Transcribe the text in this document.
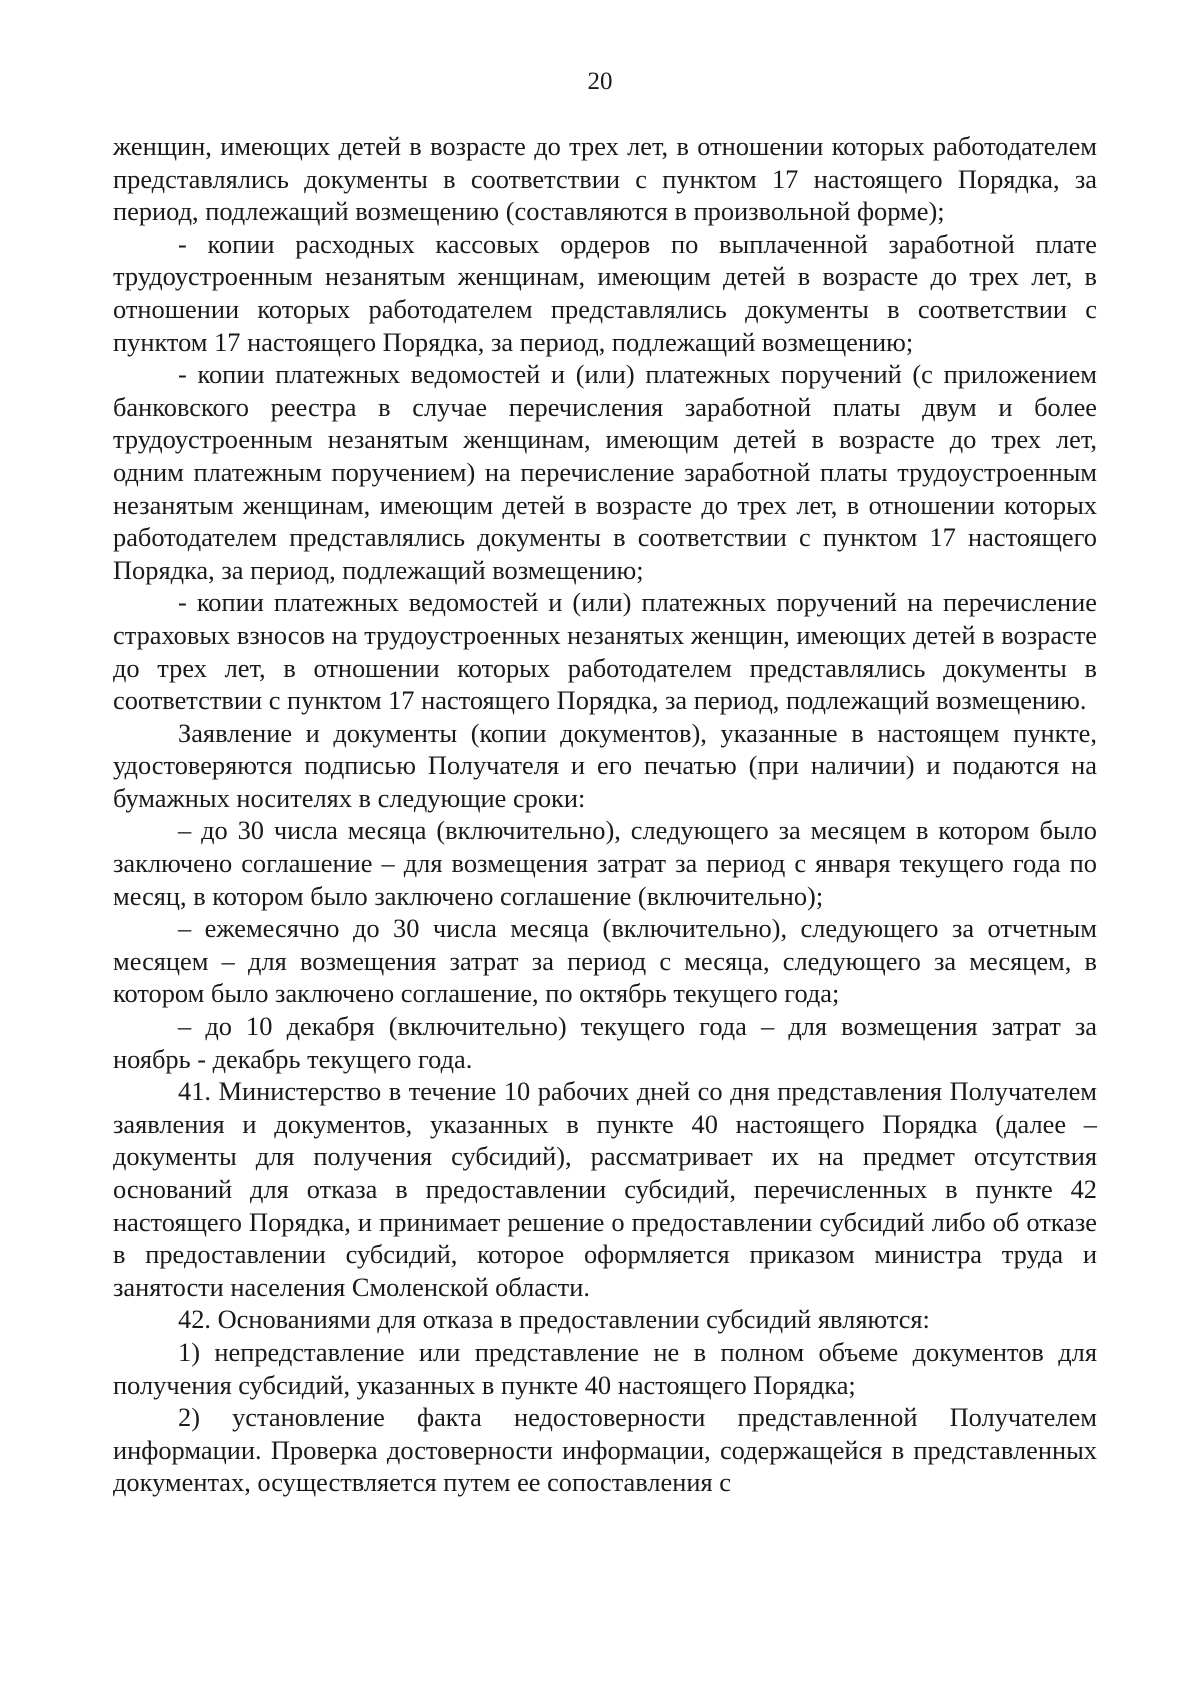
20

женщин, имеющих детей в возрасте до трех лет, в отношении которых работодателем представлялись документы в соответствии с пунктом 17 настоящего Порядка, за период, подлежащий возмещению (составляются в произвольной форме);

- копии расходных кассовых ордеров по выплаченной заработной плате трудоустроенным незанятым женщинам, имеющим детей в возрасте до трех лет, в отношении которых работодателем представлялись документы в соответствии с пунктом 17 настоящего Порядка, за период, подлежащий возмещению;

- копии платежных ведомостей и (или) платежных поручений (с приложением банковского реестра в случае перечисления заработной платы двум и более трудоустроенным незанятым женщинам, имеющим детей в возрасте до трех лет, одним платежным поручением) на перечисление заработной платы трудоустроенным незанятым женщинам, имеющим детей в возрасте до трех лет, в отношении которых работодателем представлялись документы в соответствии с пунктом 17 настоящего Порядка, за период, подлежащий возмещению;

- копии платежных ведомостей и (или) платежных поручений на перечисление страховых взносов на трудоустроенных незанятых женщин, имеющих детей в возрасте до трех лет, в отношении которых работодателем представлялись документы в соответствии с пунктом 17 настоящего Порядка, за период, подлежащий возмещению.

Заявление и документы (копии документов), указанные в настоящем пункте, удостоверяются подписью Получателя и его печатью (при наличии) и подаются на бумажных носителях в следующие сроки:

– до 30 числа месяца (включительно), следующего за месяцем в котором было заключено соглашение – для возмещения затрат за период с января текущего года по месяц, в котором было заключено соглашение (включительно);

– ежемесячно до 30 числа месяца (включительно), следующего за отчетным месяцем – для возмещения затрат за период с месяца, следующего за месяцем, в котором было заключено соглашение, по октябрь текущего года;

– до 10 декабря (включительно) текущего года – для возмещения затрат за ноябрь - декабрь текущего года.

41. Министерство в течение 10 рабочих дней со дня представления Получателем заявления и документов, указанных в пункте 40 настоящего Порядка (далее – документы для получения субсидий), рассматривает их на предмет отсутствия оснований для отказа в предоставлении субсидий, перечисленных в пункте 42 настоящего Порядка, и принимает решение о предоставлении субсидий либо об отказе в предоставлении субсидий, которое оформляется приказом министра труда и занятости населения Смоленской области.

42. Основаниями для отказа в предоставлении субсидий являются:

1) непредставление или представление не в полном объеме документов для получения субсидий, указанных в пункте 40 настоящего Порядка;

2) установление факта недостоверности представленной Получателем информации. Проверка достоверности информации, содержащейся в представленных документах, осуществляется путем ее сопоставления с
